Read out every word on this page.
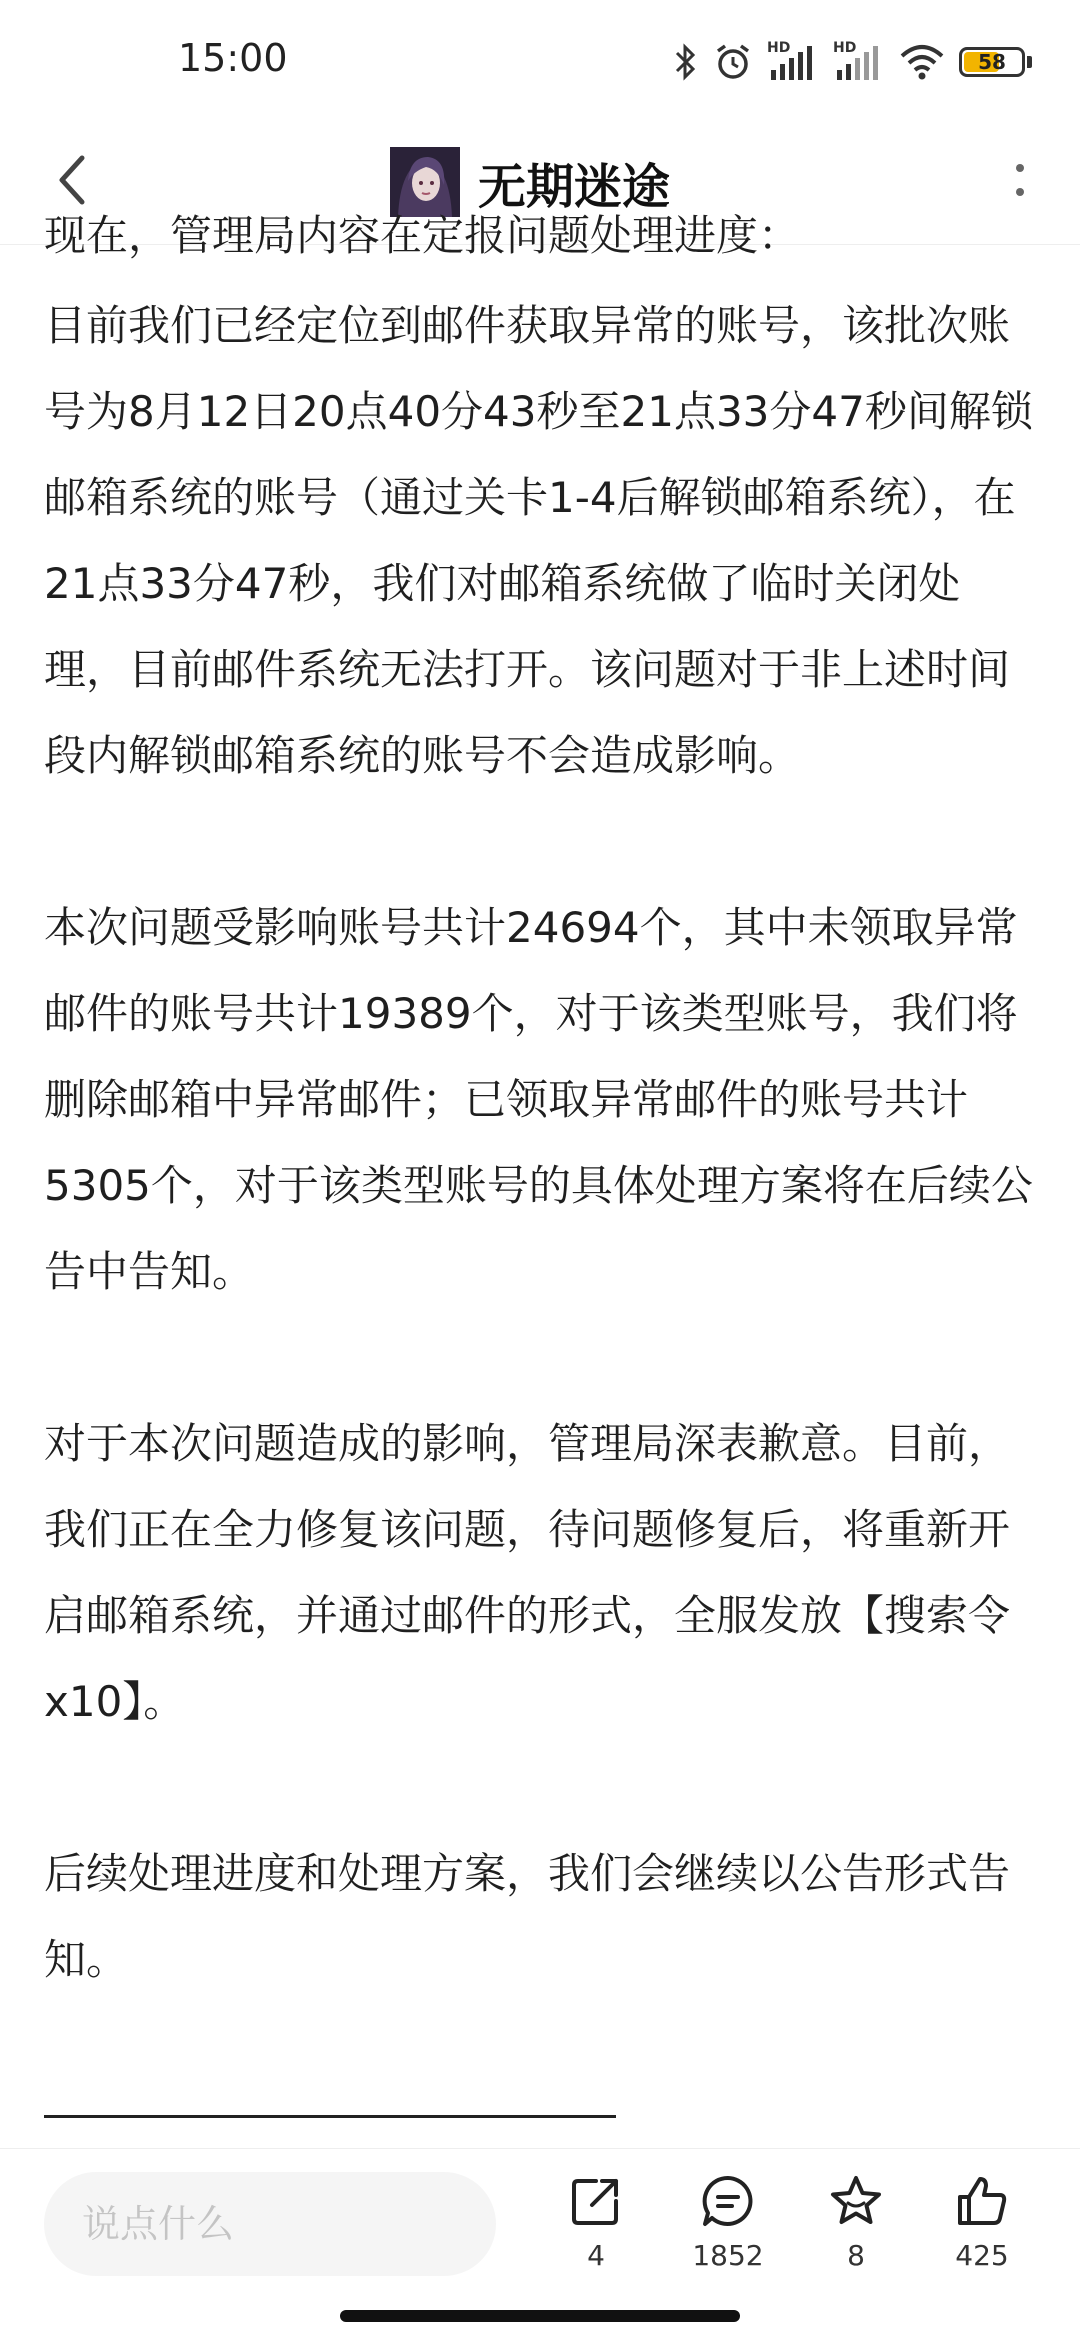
15:00	HD	HD
58
无期迷途
现在，管理局内容在定报问题处理进度：

目前我们已经定位到邮件获取异常的账号，该批次账号为8月12日20点40分43秒至21点33分47秒间解锁邮箱系统的账号（通过关卡1-4后解锁邮箱系统），在21点33分47秒，我们对邮箱系统做了临时关闭处理，目前邮件系统无法打开。该问题对于非上述时间段内解锁邮箱系统的账号不会造成影响。

本次问题受影响账号共计24694个，其中未领取异常邮件的账号共计19389个，对于该类型账号，我们将删除邮箱中异常邮件；已领取异常邮件的账号共计5305个，对于该类型账号的具体处理方案将在后续公告中告知。

对于本次问题造成的影响，管理局深表歉意。目前，我们正在全力修复该问题，待问题修复后，将重新开启邮箱系统，并通过邮件的形式，全服发放【搜索令x10】。

后续处理进度和处理方案，我们会继续以公告形式告知。

说点什么
4	1852	8	425
